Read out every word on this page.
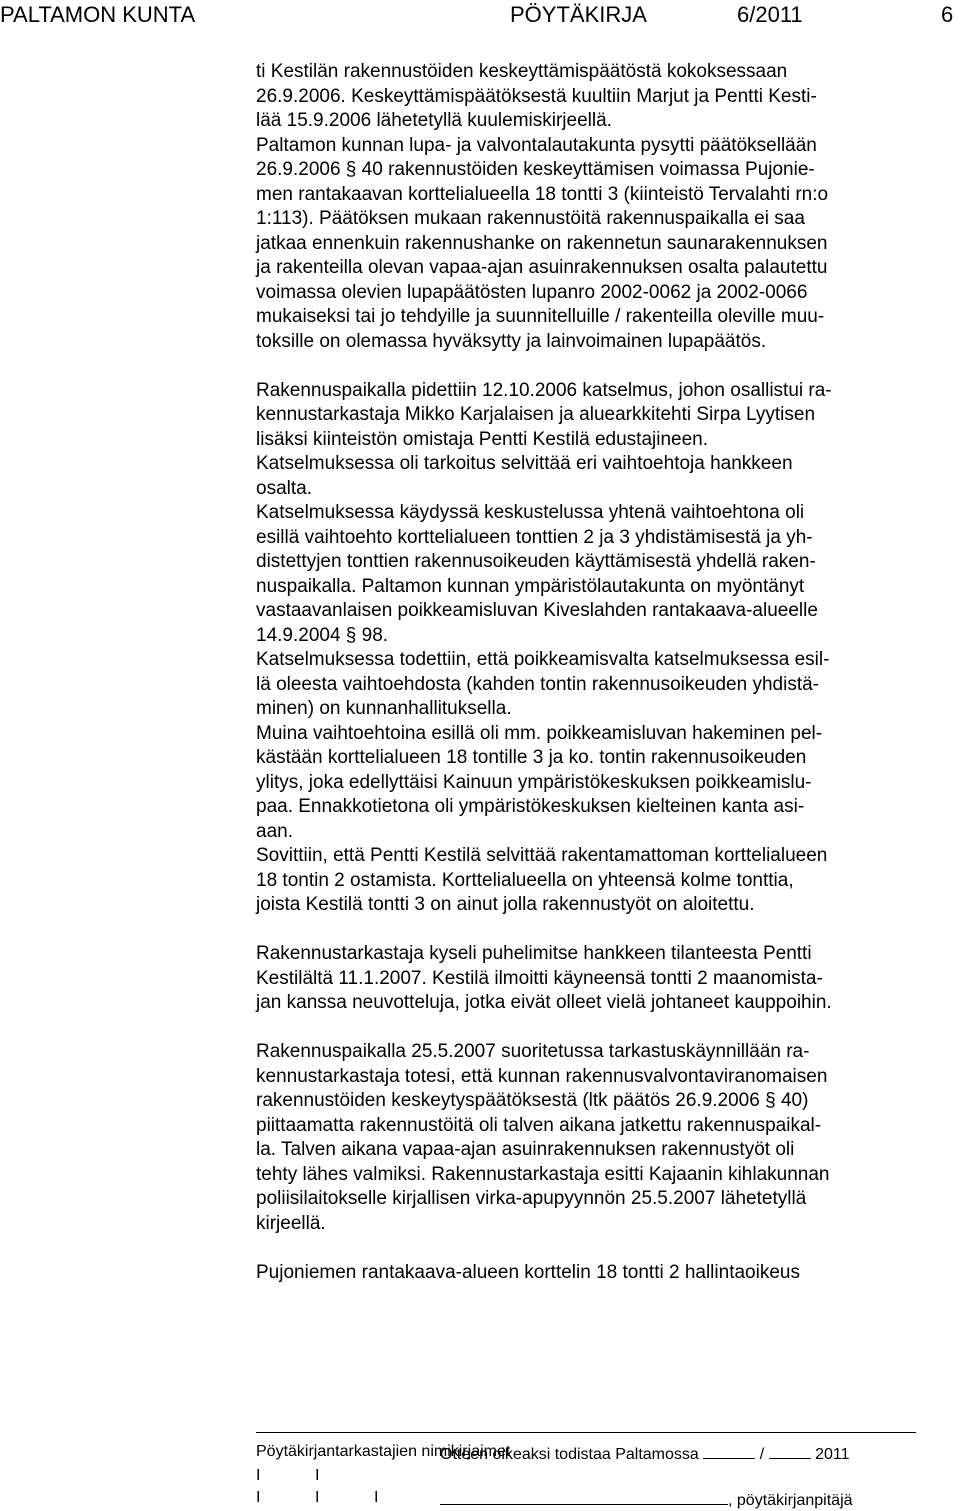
PALTAMON KUNTA	PÖYTÄKIRJA	6/2011	6
ti Kestilän rakennustöiden keskeyttämispäätöstä kokoksessaan
26.9.2006. Keskeyttämispäätöksestä kuultiin Marjut ja Pentti Kesti-
lää 15.9.2006 lähetetyllä kuulemiskirjeellä.
Paltamon kunnan lupa- ja valvontalautakunta pysytti päätöksellään
26.9.2006 § 40 rakennustöiden keskeyttämisen voimassa Pujonie-
men rantakaavan korttelialueella 18 tontti 3 (kiinteistö Tervalahti rn:o
1:113). Päätöksen mukaan rakennustöitä rakennuspaikalla ei saa
jatkaa ennenkuin rakennushanke on rakennetun saunarakennuksen
ja rakenteilla olevan vapaa-ajan asuinrakennuksen osalta palautettu
voimassa olevien lupapäätösten lupanro 2002-0062 ja 2002-0066
mukaiseksi tai jo tehdyille ja suunnitelluille / rakenteilla oleville muu-
toksille on olemassa hyväksytty ja lainvoimainen lupapäätös.
Rakennuspaikalla pidettiin 12.10.2006 katselmus, johon osallistui ra-
kennustarkastaja Mikko Karjalaisen ja aluearkkitehti Sirpa Lyytisen
lisäksi kiinteistön omistaja Pentti Kestilä edustajineen.
Katselmuksessa oli tarkoitus selvittää eri vaihtoehtoja hankkeen
osalta.
Katselmuksessa käydyssä keskustelussa yhtenä vaihtoehtona oli
esillä vaihtoehto korttelialueen tonttien 2 ja 3 yhdistämisestä ja yh-
distettyjen tonttien rakennusoikeuden käyttämisestä yhdellä raken-
nuspaikalla. Paltamon kunnan ympäristölautakunta on myöntänyt
vastaavanlaisen poikkeamisluvan Kiveslahden rantakaava-alueelle
14.9.2004 § 98.
Katselmuksessa todettiin, että poikkeamisvalta katselmuksessa esil-
lä oleesta vaihtoehdosta (kahden tontin rakennusoikeuden yhdistä-
minen) on kunnanhallituksella.
Muina vaihtoehtoina esillä oli mm. poikkeamisluvan hakeminen pel-
kästään korttelialueen 18 tontille 3 ja ko. tontin rakennusoikeuden
ylitys, joka edellyttäisi Kainuun ympäristökeskuksen poikkeamislu-
paa. Ennakkotietona oli ympäristökeskuksen kielteinen kanta asi-
aan.
Sovittiin, että Pentti Kestilä selvittää rakentamattoman korttelialueen
18 tontin 2 ostamista. Korttelialueella on yhteensä kolme tonttia,
joista Kestilä tontti 3 on ainut jolla rakennustyöt on aloitettu.
Rakennustarkastaja kyseli puhelimitse hankkeen tilanteesta Pentti
Kestilältä 11.1.2007. Kestilä ilmoitti käyneensä tontti 2 maanomista-
jan kanssa neuvotteluja, jotka eivät olleet vielä johtaneet kauppoihin.
Rakennuspaikalla 25.5.2007 suoritetussa tarkastuskäynnillään ra-
kennustarkastaja totesi, että kunnan rakennusvalvontaviranomaisen
rakennustöiden keskeytyspäätöksestä (ltk päätös 26.9.2006 § 40)
piittaamatta rakennustöitä oli talven aikana jatkettu rakennuspaikal-
la. Talven aikana vapaa-ajan asuinrakennuksen rakennustyöt oli
tehty lähes valmiksi. Rakennustarkastaja esitti Kajaanin kihlakunnan
poliisilaitokselle kirjallisen virka-apupyynnön 25.5.2007 lähetetyllä
kirjeellä.
Pujoniemen rantakaava-alueen korttelin 18 tontti 2 hallintaoikeus
Pöytäkirjantarkastajien nimikirjaimet
Otteen oikeaksi todistaa Paltamossa	/	2011
I	I
I	I	I	, pöytäkirjanpitäjä
